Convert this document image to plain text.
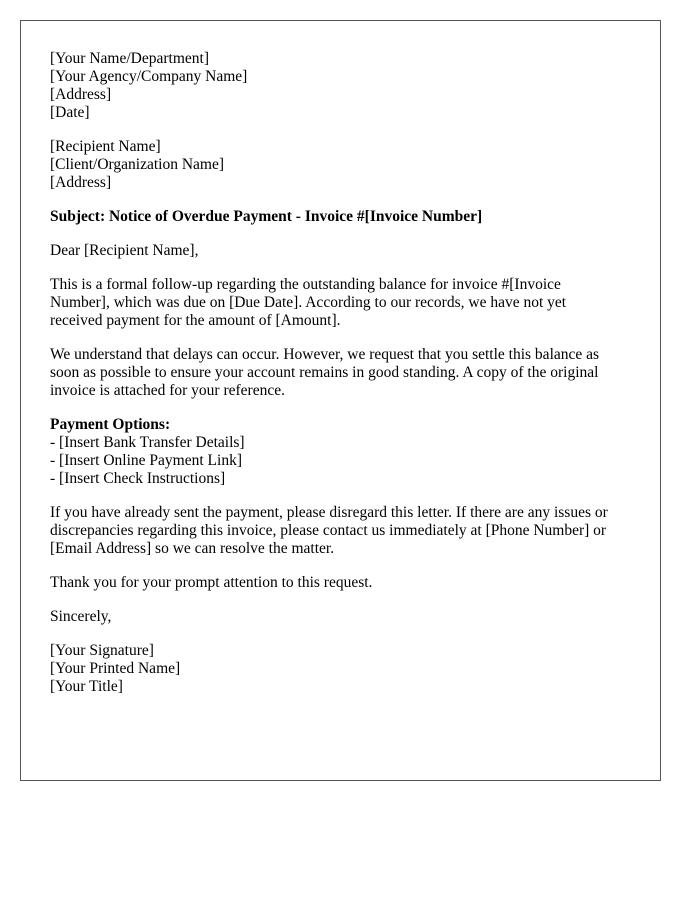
[Your Name/Department]
[Your Agency/Company Name]
[Address]
[Date]
[Recipient Name]
[Client/Organization Name]
[Address]
Subject: Notice of Overdue Payment - Invoice #[Invoice Number]
Dear [Recipient Name],
This is a formal follow-up regarding the outstanding balance for invoice #[Invoice
Number], which was due on [Due Date]. According to our records, we have not yet
received payment for the amount of [Amount].
We understand that delays can occur. However, we request that you settle this balance as
soon as possible to ensure your account remains in good standing. A copy of the original
invoice is attached for your reference.
Payment Options:
- [Insert Bank Transfer Details]
- [Insert Online Payment Link]
- [Insert Check Instructions]
If you have already sent the payment, please disregard this letter. If there are any issues or
discrepancies regarding this invoice, please contact us immediately at [Phone Number] or
[Email Address] so we can resolve the matter.
Thank you for your prompt attention to this request.
Sincerely,
[Your Signature]
[Your Printed Name]
[Your Title]
